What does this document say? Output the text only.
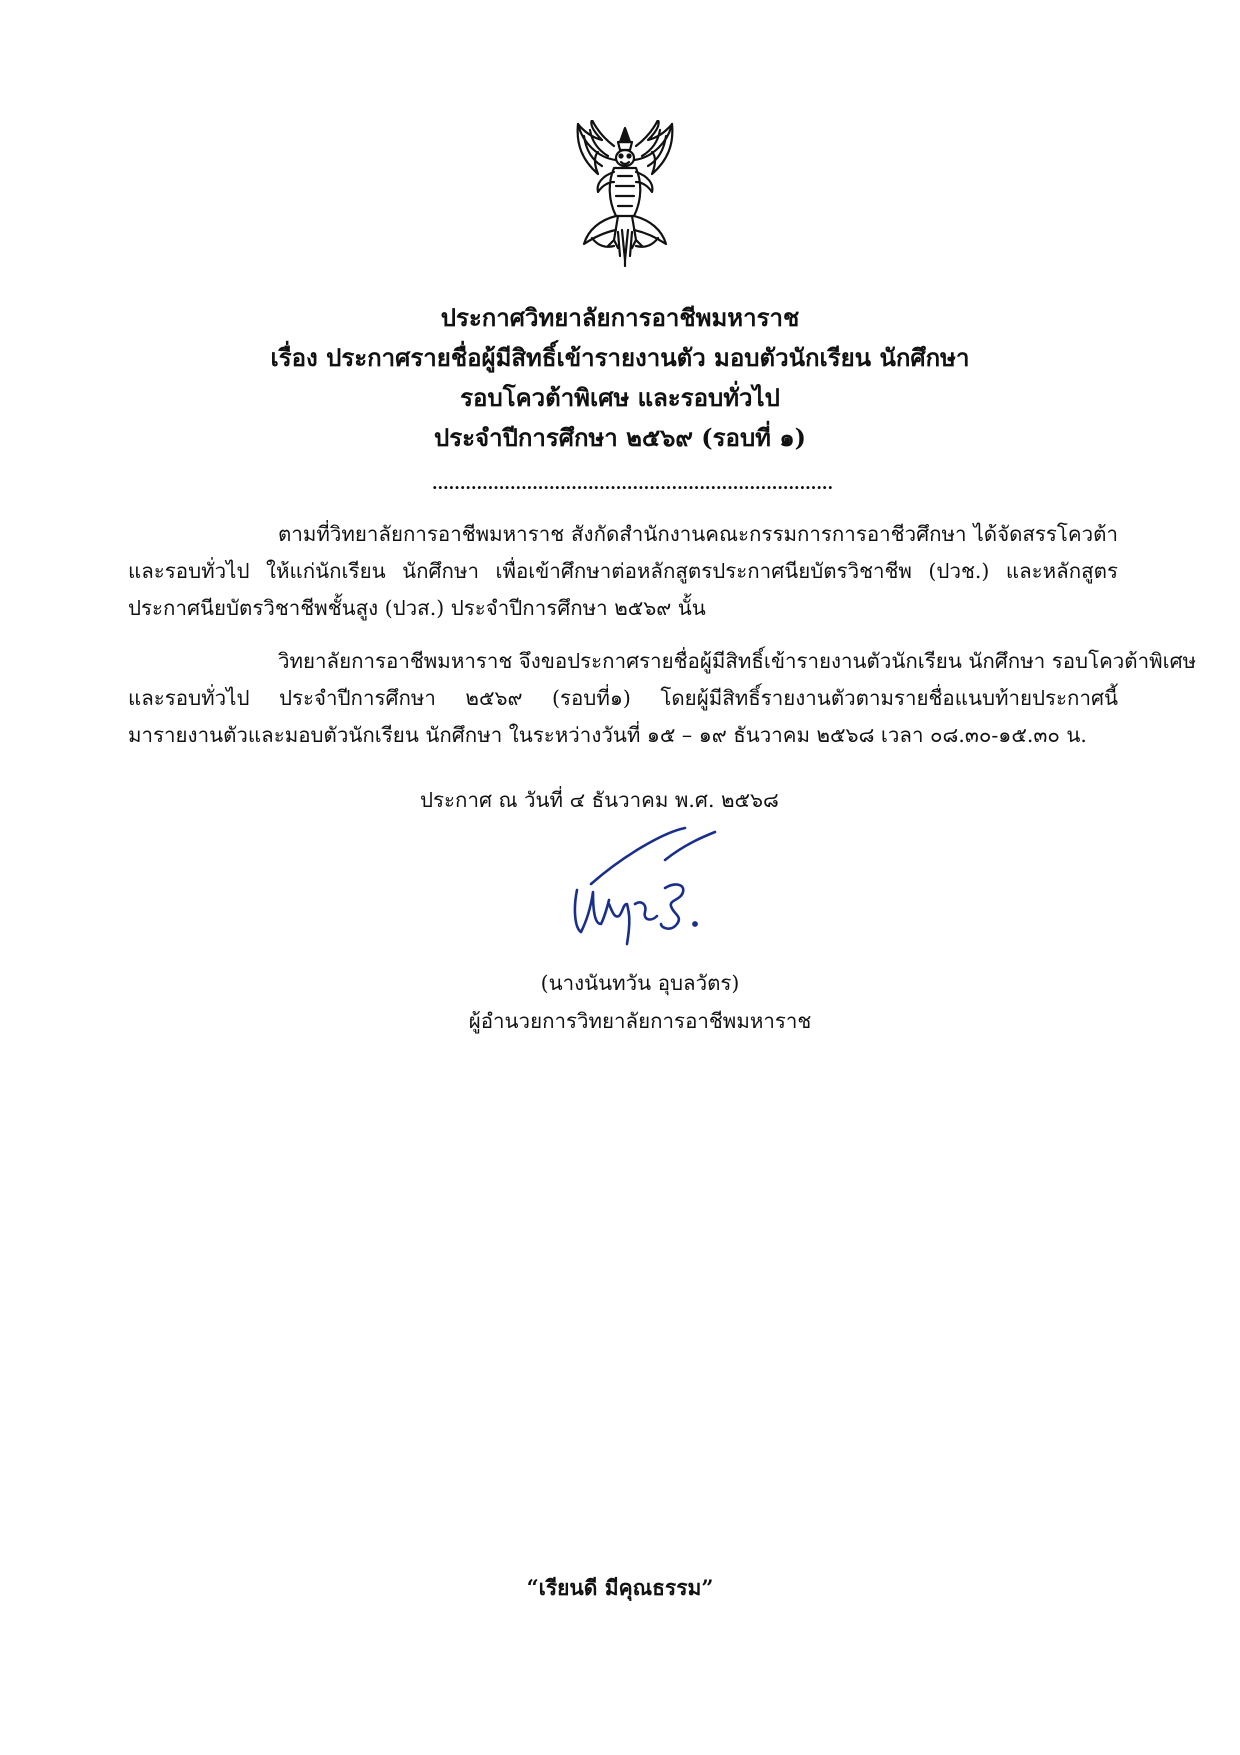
ประกาศวิทยาลัยการอาชีพมหาราช
เรื่อง ประกาศรายชื่อผู้มีสิทธิ์เข้ารายงานตัว มอบตัวนักเรียน นักศึกษา
รอบโควต้าพิเศษ และรอบทั่วไป
ประจำปีการศึกษา ๒๕๖๙ (รอบที่ ๑)
........................................................................
ตามที่วิทยาลัยการอาชีพมหาราช สังกัดสำนักงานคณะกรรมการการอาชีวศึกษา ได้จัดสรรโควต้า
และรอบทั่วไป ให้แก่นักเรียน นักศึกษา เพื่อเข้าศึกษาต่อหลักสูตรประกาศนียบัตรวิชาชีพ (ปวช.) และหลักสูตร
ประกาศนียบัตรวิชาชีพชั้นสูง (ปวส.) ประจำปีการศึกษา ๒๕๖๙ นั้น
วิทยาลัยการอาชีพมหาราช จึงขอประกาศรายชื่อผู้มีสิทธิ์เข้ารายงานตัวนักเรียน นักศึกษา รอบโควต้าพิเศษ
และรอบทั่วไป ประจำปีการศึกษา ๒๕๖๙ (รอบที่๑) โดยผู้มีสิทธิ์รายงานตัวตามรายชื่อแนบท้ายประกาศนี้
มารายงานตัวและมอบตัวนักเรียน นักศึกษา ในระหว่างวันที่ ๑๕ – ๑๙ ธันวาคม ๒๕๖๘ เวลา ๐๘.๓๐-๑๕.๓๐ น.
ประกาศ ณ วันที่ ๔ ธันวาคม พ.ศ. ๒๕๖๘
(นางนันทวัน อุบลวัตร)
ผู้อำนวยการวิทยาลัยการอาชีพมหาราช
“เรียนดี มีคุณธรรม”
